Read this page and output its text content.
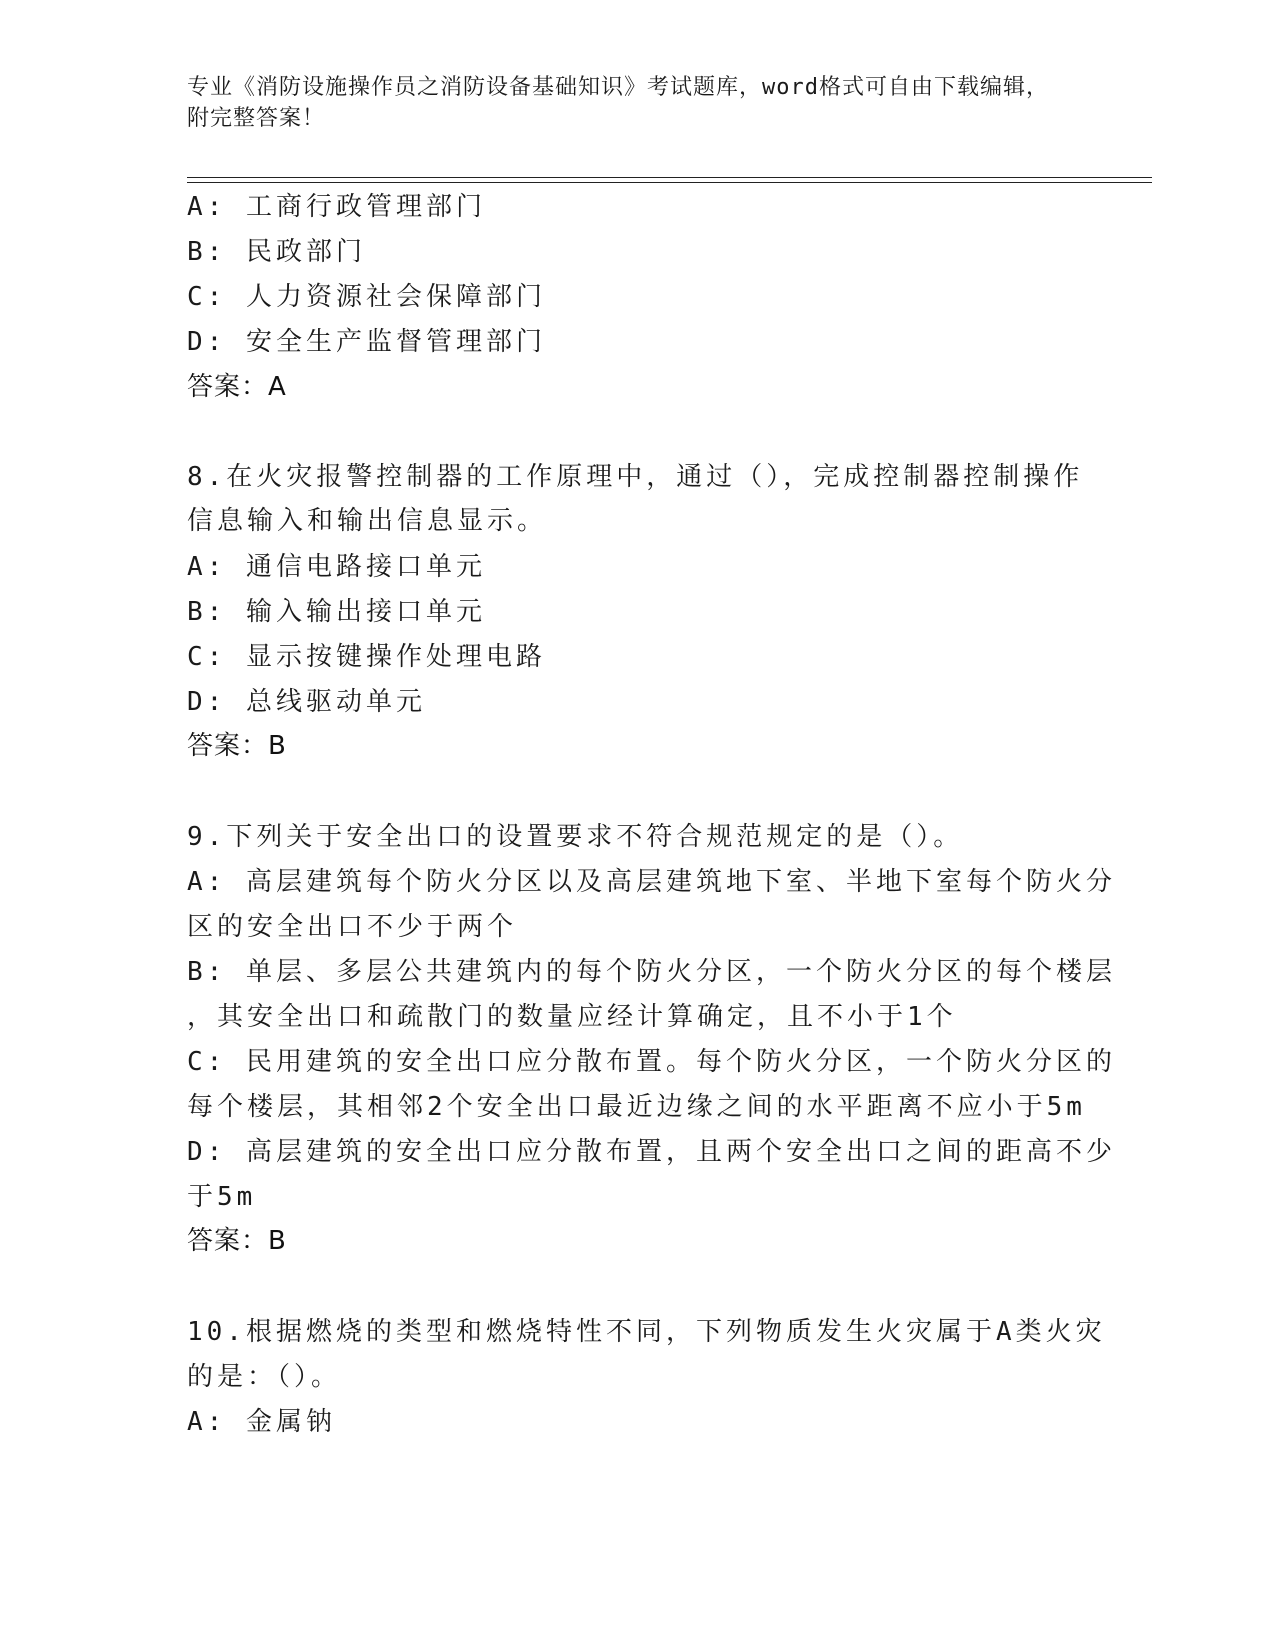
专业《消防设施操作员之消防设备基础知识》考试题库，word格式可自由下载编辑，附完整答案！
A: 工商行政管理部门
B: 民政部门
C: 人力资源社会保障部门
D: 安全生产监督管理部门
答案：A
8.在火灾报警控制器的工作原理中，通过（），完成控制器控制操作
信息输入和输出信息显示。
A: 通信电路接口单元
B: 输入输出接口单元
C: 显示按键操作处理电路
D: 总线驱动单元
答案：B
9.下列关于安全出口的设置要求不符合规范规定的是（）。
A: 高层建筑每个防火分区以及高层建筑地下室、半地下室每个防火分
区的安全出口不少于两个
B: 单层、多层公共建筑内的每个防火分区，一个防火分区的每个楼层
，其安全出口和疏散门的数量应经计算确定，且不小于1个
C: 民用建筑的安全出口应分散布置。每个防火分区，一个防火分区的
每个楼层，其相邻2个安全出口最近边缘之间的水平距离不应小于5m
D: 高层建筑的安全出口应分散布置，且两个安全出口之间的距高不少
于5m
答案：B
10.根据燃烧的类型和燃烧特性不同，下列物质发生火灾属于A类火灾
的是：（）。
A: 金属钠
